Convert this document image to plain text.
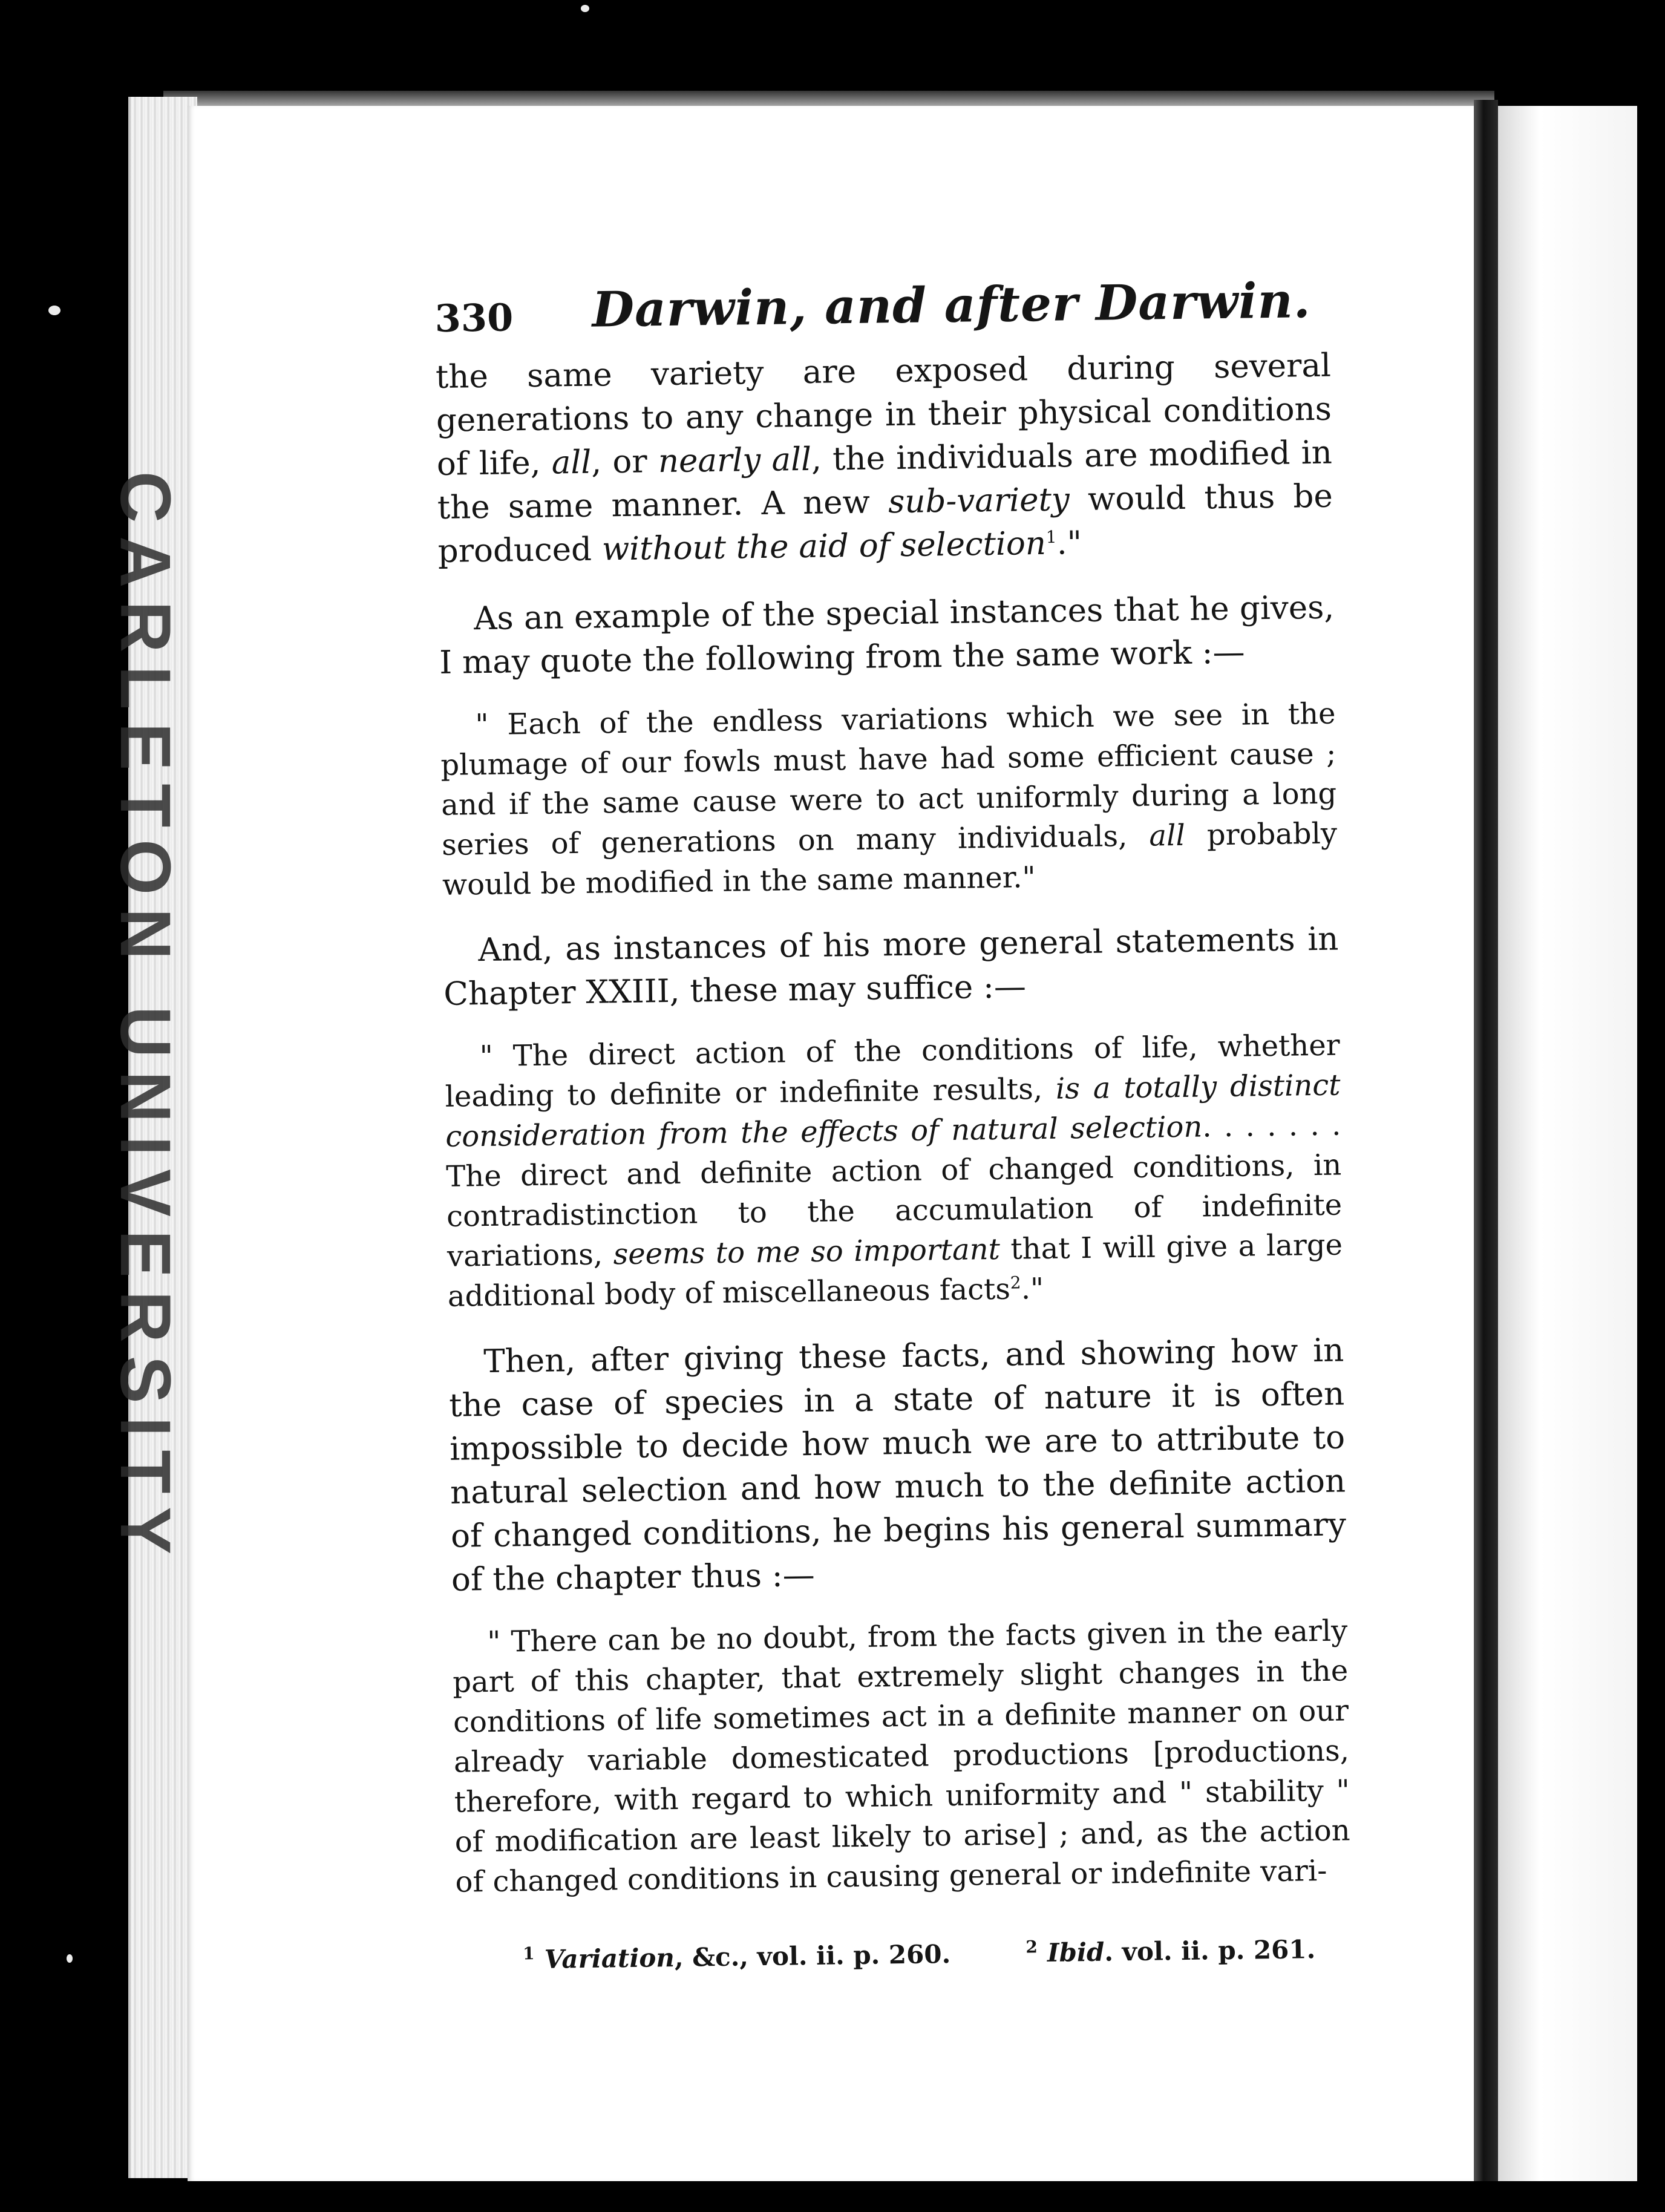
CARLETON UNIVERSITY
330 Darwin, and after Darwin.

the same variety are exposed during several generations to any change in their physical conditions of life, all, or nearly all, the individuals are modified in the same manner. A new sub-variety would thus be produced without the aid of selection$^1$."

As an example of the special instances that he gives, I may quote the following from the same work :—

" Each of the endless variations which we see in the plumage of our fowls must have had some efficient cause ; and if the same cause were to act uniformly during a long series of generations on many individuals, all probably would be modified in the same manner."

And, as instances of his more general statements in Chapter XXIII, these may suffice :—

" The direct action of the conditions of life, whether leading to definite or indefinite results, is a totally distinct consideration from the effects of natural selection. . . . . . . The direct and definite action of changed conditions, in contradistinction to the accumulation of indefinite variations, seems to me so important that I will give a large additional body of miscellaneous facts$^2$."

Then, after giving these facts, and showing how in the case of species in a state of nature it is often impossible to decide how much we are to attribute to natural selection and how much to the definite action of changed conditions, he begins his general summary of the chapter thus :—

" There can be no doubt, from the facts given in the early part of this chapter, that extremely slight changes in the conditions of life sometimes act in a definite manner on our already variable domesticated productions [productions, therefore, with regard to which uniformity and " stability " of modification are least likely to arise] ; and, as the action of changed conditions in causing general or indefinite vari-

$^1$ Variation, &c., vol. ii. p. 260.	$^2$ Ibid. vol. ii. p. 261.
